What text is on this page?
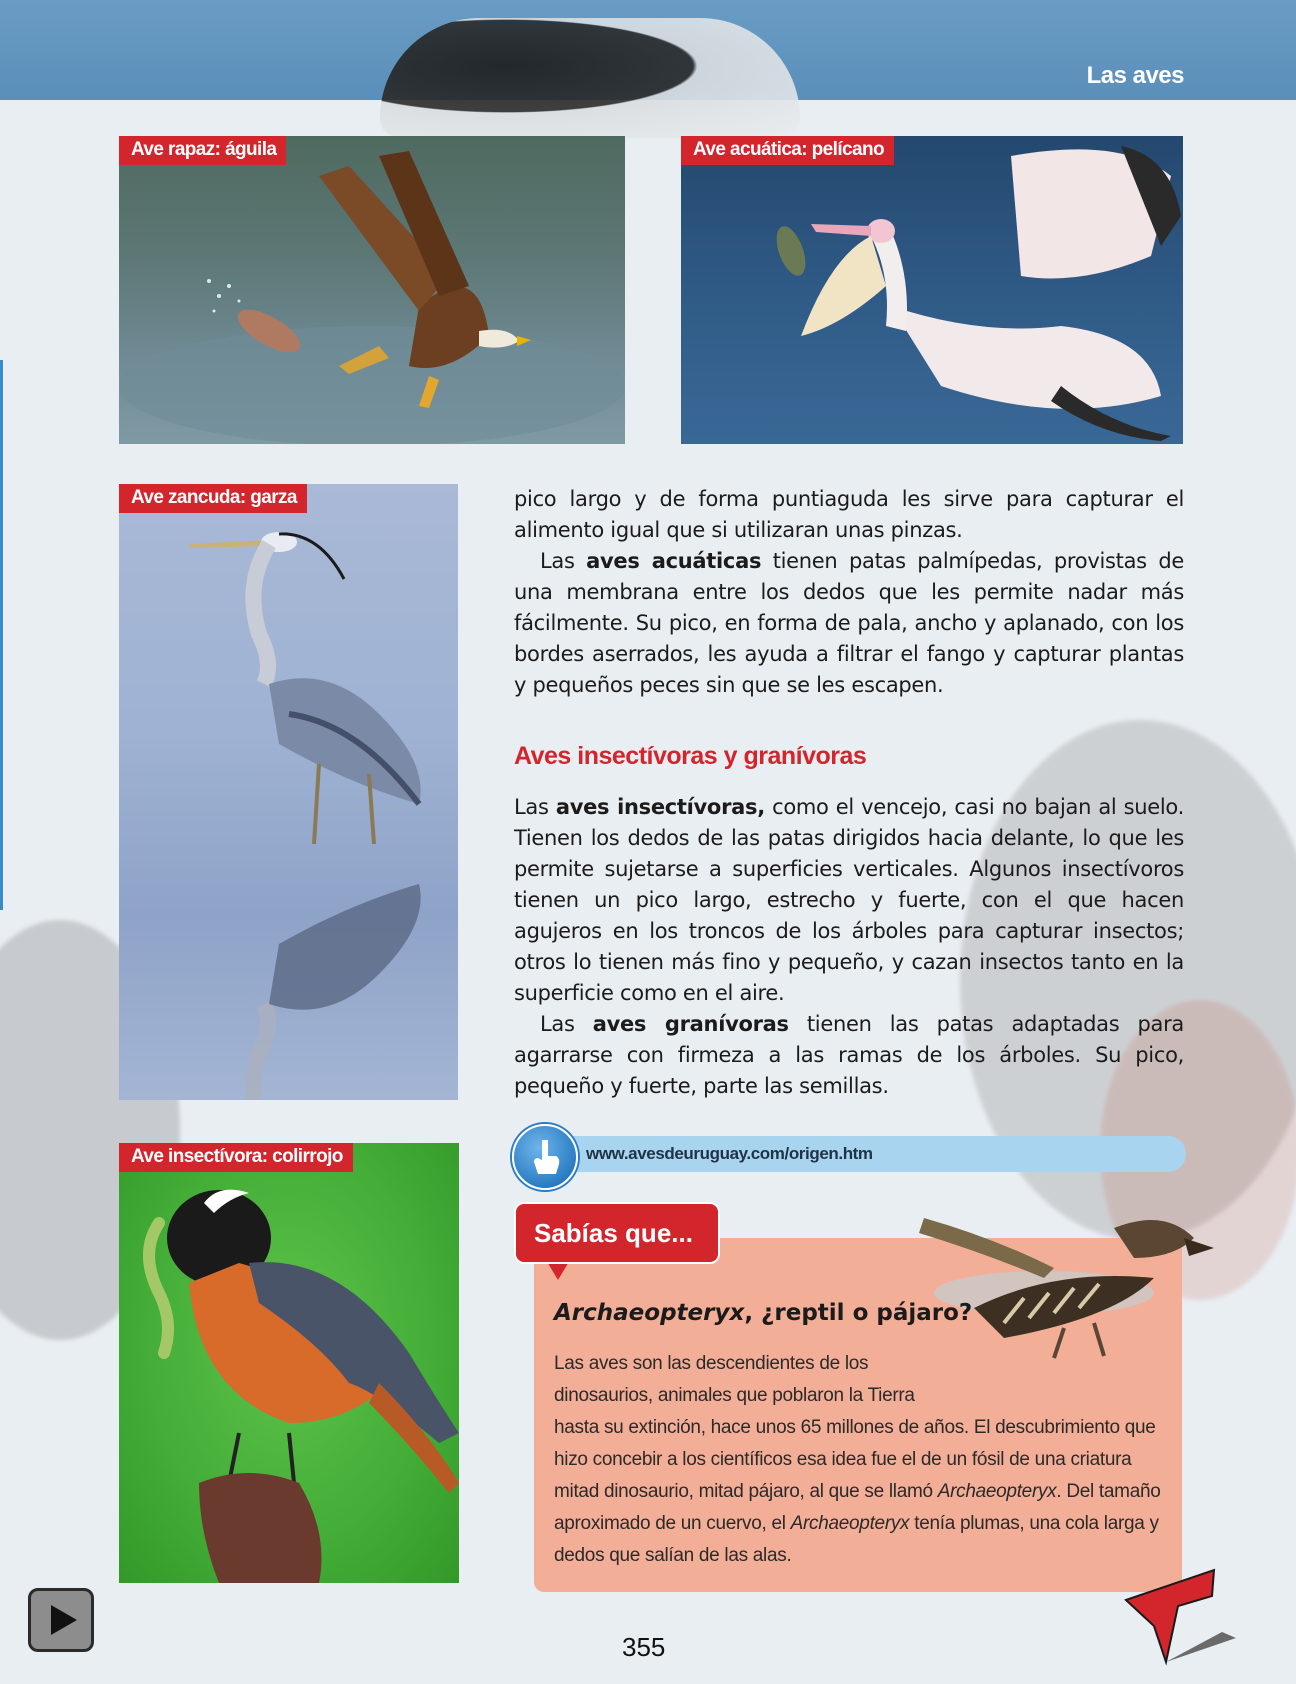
Las aves
Ave rapaz: águila	Ave acuática: pelícano
Ave zancuda: garza
Ave insectívora: colirrojo

pico largo y de forma puntiaguda les sirve para capturar el alimento igual que si utilizaran unas pinzas.

Las aves acuáticas tienen patas palmípedas, provistas de una membrana entre los dedos que les permite nadar más fácilmente. Su pico, en forma de pala, ancho y aplanado, con los bordes aserrados, les ayuda a filtrar el fango y capturar plantas y pequeños peces sin que se les escapen.

Aves insectívoras y granívoras

Las aves insectívoras, como el vencejo, casi no bajan al suelo. Tienen los dedos de las patas dirigidos hacia delante, lo que les permite sujetarse a superficies verticales. Algunos insectívoros tienen un pico largo, estrecho y fuerte, con el que hacen agujeros en los troncos de los árboles para capturar insectos; otros lo tienen más fino y pequeño, y cazan insectos tanto en la superficie como en el aire.

Las aves granívoras tienen las patas adaptadas para agarrarse con firmeza a las ramas de los árboles. Su pico, pequeño y fuerte, parte las semillas.

www.avesdeuruguay.com/origen.htm
Sabías que...
Archaeopteryx, ¿reptil o pájaro?

Las aves son las descendientes de los

dinosaurios, animales que poblaron la Tierra

hasta su extinción, hace unos 65 millones de años. El descubrimiento que hizo concebir a los científicos esa idea fue el de un fósil de una criatura mitad dinosaurio, mitad pájaro, al que se llamó Archaeopteryx. Del tamaño aproximado de un cuervo, el Archaeopteryx tenía plumas, una cola larga y dedos que salían de las alas.

355
